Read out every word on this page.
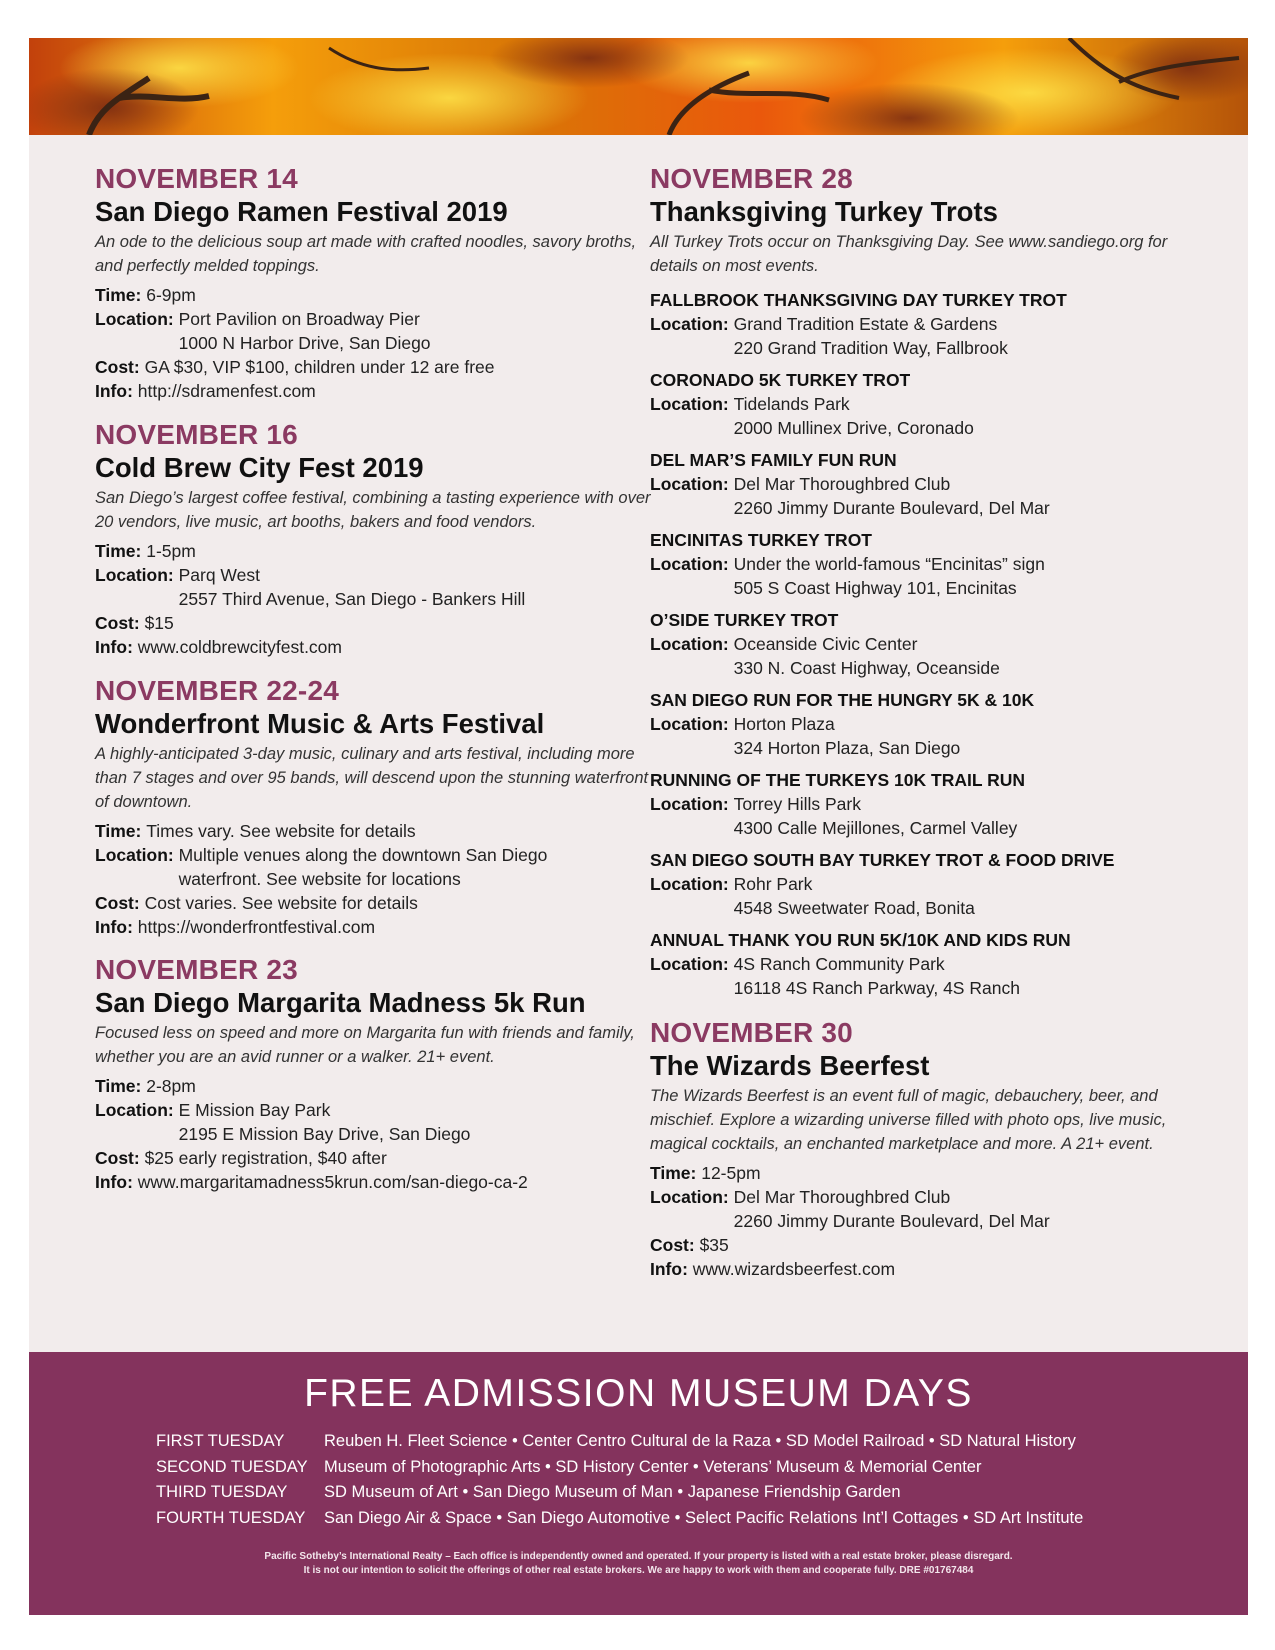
NOVEMBER 14
San Diego Ramen Festival 2019
An ode to the delicious soup art made with crafted noodles, savory broths, and perfectly melded toppings.
Time: 6-9pm
Location: Port Pavilion on Broadway Pier
1000 N Harbor Drive, San Diego
Cost: GA $30, VIP $100, children under 12 are free
Info: http://sdramenfest.com
NOVEMBER 16
Cold Brew City Fest 2019
San Diego’s largest coffee festival, combining a tasting experience with over 20 vendors, live music, art booths, bakers and food vendors.
Time: 1-5pm
Location: Parq West
2557 Third Avenue, San Diego - Bankers Hill
Cost: $15
Info: www.coldbrewcityfest.com
NOVEMBER 22-24
Wonderfront Music & Arts Festival
A highly-anticipated 3-day music, culinary and arts festival, including more than 7 stages and over 95 bands, will descend upon the stunning waterfront of downtown.
Time: Times vary. See website for details
Location: Multiple venues along the downtown San Diego
waterfront. See website for locations
Cost: Cost varies. See website for details
Info: https://wonderfrontfestival.com
NOVEMBER 23
San Diego Margarita Madness 5k Run
Focused less on speed and more on Margarita fun with friends and family, whether you are an avid runner or a walker. 21+ event.
Time: 2-8pm
Location: E Mission Bay Park
2195 E Mission Bay Drive, San Diego
Cost: $25 early registration, $40 after
Info: www.margaritamadness5krun.com/san-diego-ca-2
NOVEMBER 28
Thanksgiving Turkey Trots
All Turkey Trots occur on Thanksgiving Day. See www.sandiego.org for details on most events.
FALLBROOK THANKSGIVING DAY TURKEY TROT
Location: Grand Tradition Estate & Gardens
220 Grand Tradition Way, Fallbrook
CORONADO 5K TURKEY TROT
Location: Tidelands Park
2000 Mullinex Drive, Coronado
DEL MAR’S FAMILY FUN RUN
Location: Del Mar Thoroughbred Club
2260 Jimmy Durante Boulevard, Del Mar
ENCINITAS TURKEY TROT
Location: Under the world-famous “Encinitas” sign
505 S Coast Highway 101, Encinitas
O’SIDE TURKEY TROT
Location: Oceanside Civic Center
330 N. Coast Highway, Oceanside
SAN DIEGO RUN FOR THE HUNGRY 5K & 10K
Location: Horton Plaza
324 Horton Plaza, San Diego
RUNNING OF THE TURKEYS 10K TRAIL RUN
Location: Torrey Hills Park
4300 Calle Mejillones, Carmel Valley
SAN DIEGO SOUTH BAY TURKEY TROT & FOOD DRIVE
Location: Rohr Park
4548 Sweetwater Road, Bonita
ANNUAL THANK YOU RUN 5K/10K AND KIDS RUN
Location: 4S Ranch Community Park
16118 4S Ranch Parkway, 4S Ranch
NOVEMBER 30
The Wizards Beerfest
The Wizards Beerfest is an event full of magic, debauchery, beer, and mischief. Explore a wizarding universe filled with photo ops, live music, magical cocktails, an enchanted marketplace and more. A 21+ event.
Time: 12-5pm
Location: Del Mar Thoroughbred Club
2260 Jimmy Durante Boulevard, Del Mar
Cost: $35
Info: www.wizardsbeerfest.com
FREE ADMISSION MUSEUM DAYS
FIRST TUESDAY	Reuben H. Fleet Science • Center Centro Cultural de la Raza • SD Model Railroad • SD Natural History
SECOND TUESDAY Museum of Photographic Arts • SD History Center • Veterans’ Museum & Memorial Center
THIRD TUESDAY	SD Museum of Art • San Diego Museum of Man • Japanese Friendship Garden
FOURTH TUESDAY	San Diego Air & Space • San Diego Automotive • Select Pacific Relations Int’l Cottages • SD Art Institute
Pacific Sotheby’s International Realty – Each office is independently owned and operated. If your property is listed with a real estate broker, please disregard.
It is not our intention to solicit the offerings of other real estate brokers. We are happy to work with them and cooperate fully. DRE #01767484
